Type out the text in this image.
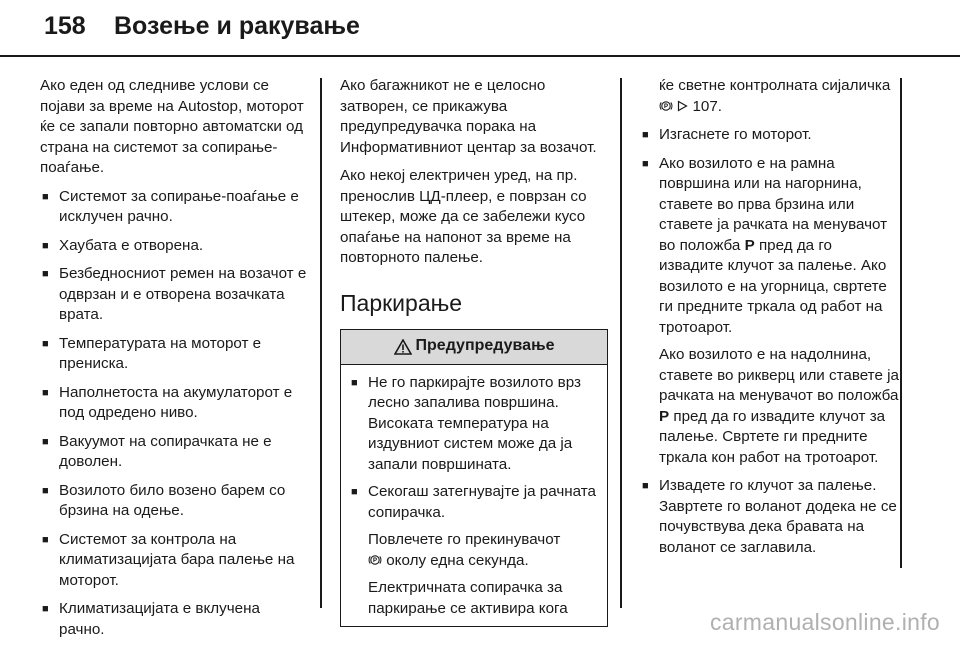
158	Возење и ракување

Ако еден од следниве услови се појави за време на Autostop, моторот ќе се запали повторно автоматски од страна на системот за сопирање-поаѓање.

■ Системот за сопирање-поаѓање е исклучен рачно.
■ Хаубата е отворена.
■ Безбедносниот ремен на возачот е одврзан и е отворена возачката врата.
■ Температурата на моторот е прениска.
■ Наполнетоста на акумулаторот е под одредено ниво.
■ Вакуумот на сопирачката не е доволен.
■ Возилото било возено барем со брзина на одење.
■ Системот за контрола на климатизацијата бара палење на моторот.
■ Климатизацијата е вклучена рачно.

Ако багажникот не е целосно затворен, се прикажува предупредувачка порака на Информативниот центар за возачот.

Ако некој електричен уред, на пр. пренослив ЦД-плеер, е поврзан со штекер, може да се забележи кусо опаѓање на напонот за време на повторното палење.

Паркирање
Предупредување

■ Не го паркирајте возилото врз лесно запалива површина. Високата температура на издувниот систем може да ја запали површината.

■ Секогаш затегнувајте ја рачната сопирачка.

Повлечете го прекинувачот

P околу една секунда.

Електричната сопирачка за паркирање се активира кога

ќе светне контролната сијаличка
P 107.

■ Изгаснете го моторот.

■ Ако возилото е на рамна површина или на нагорнина, ставете во прва брзина или ставете ја рачката на менувачот во положба P пред да го извадите клучот за палење. Ако возилото е на угорница, свртете ги предните тркала од работ на тротоарот.

Ако возилото е на надолнина, ставете во рикверц или ставете ја рачката на менувачот во положба P пред да го извадите клучот за палење. Свртете ги предните тркала кон работ на тротоарот.

■ Извадете го клучот за палење. Завртете го воланот додека не се почувствува дека бравата на воланот се заглавила.
carmanualsonline.info
